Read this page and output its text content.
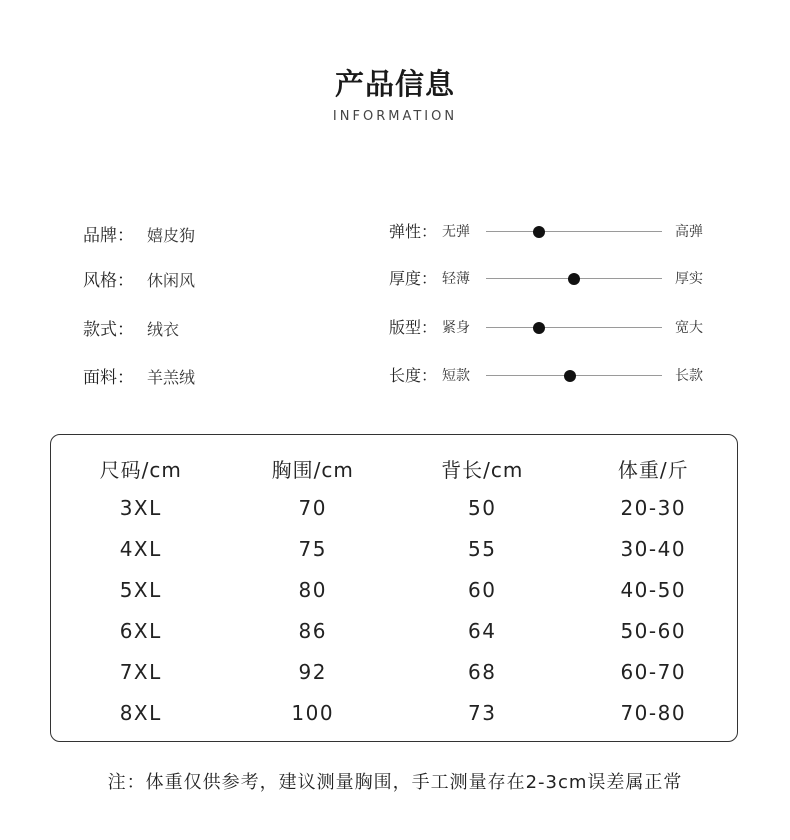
产品信息
INFORMATION
品牌： 嬉皮狗
风格： 休闲风
款式： 绒衣
面料： 羊羔绒
弹性： 无弹	高弹
厚度： 轻薄	厚实
版型： 紧身	宽大
长度： 短款	长款
尺码/cm	胸围/cm	背长/cm	体重/斤
3XL	70	50	20-30
4XL	75	55	30-40
5XL	80	60	40-50
6XL	86	64	50-60
7XL	92	68	60-70
8XL	100	73	70-80
注：体重仅供参考，建议测量胸围，手工测量存在2-3cm误差属正常
